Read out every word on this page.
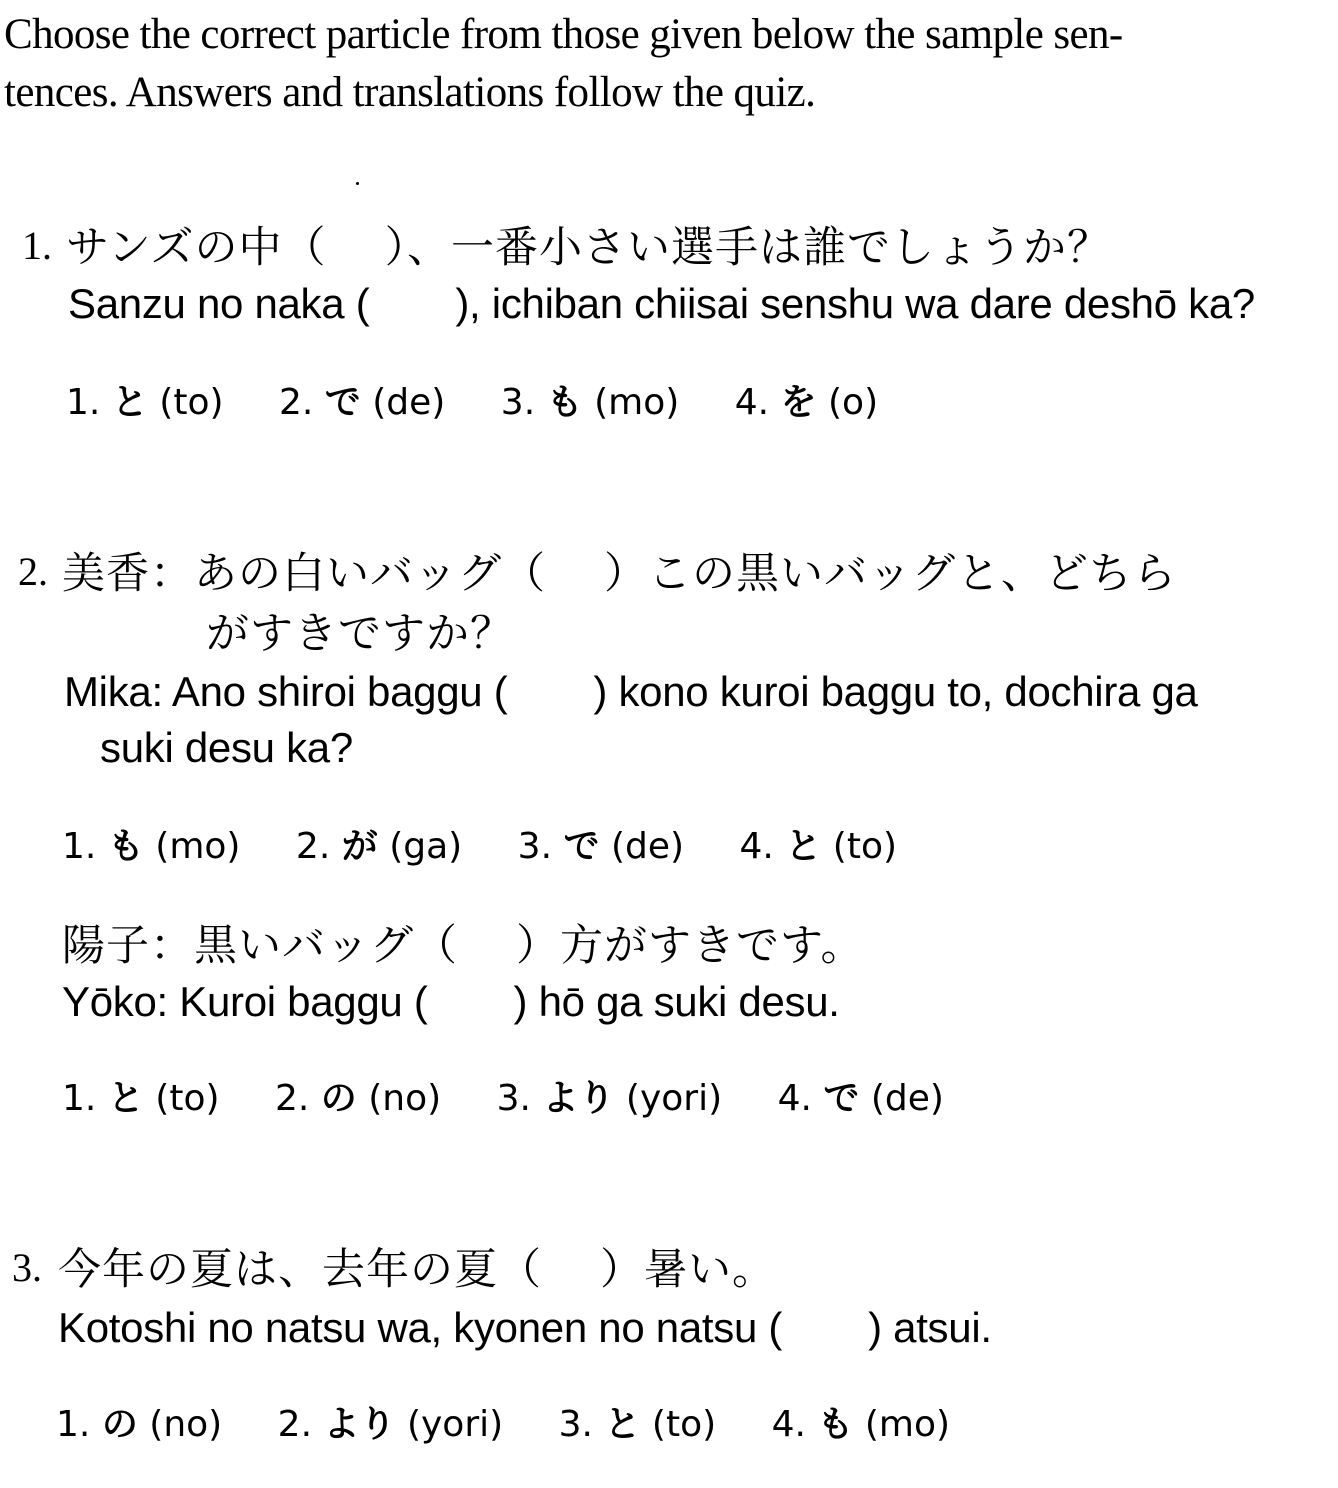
Choose the correct particle from those given below the sample sen-
tences. Answers and translations follow the quiz.
1. サンズの中（ ）、一番小さい選手は誰でしょうか？
Sanzu no naka ( ), ichiban chiisai senshu wa dare deshō ka?
1. と (to) 2. で (de) 3. も (mo) 4. を (o)
2. 美香：あの白いバッグ（ ）この黒いバッグと、どちら
がすきですか？
Mika: Ano shiroi baggu ( ) kono kuroi baggu to, dochira ga
suki desu ka?
1. も (mo) 2. が (ga) 3. で (de) 4. と (to)
陽子：黒いバッグ（ ）方がすきです。
Yōko: Kuroi baggu ( ) hō ga suki desu.
1. と (to) 2. の (no) 3. より (yori) 4. で (de)
3. 今年の夏は、去年の夏（ ）暑い。
Kotoshi no natsu wa, kyonen no natsu ( ) atsui.
1. の (no) 2. より (yori) 3. と (to) 4. も (mo)
